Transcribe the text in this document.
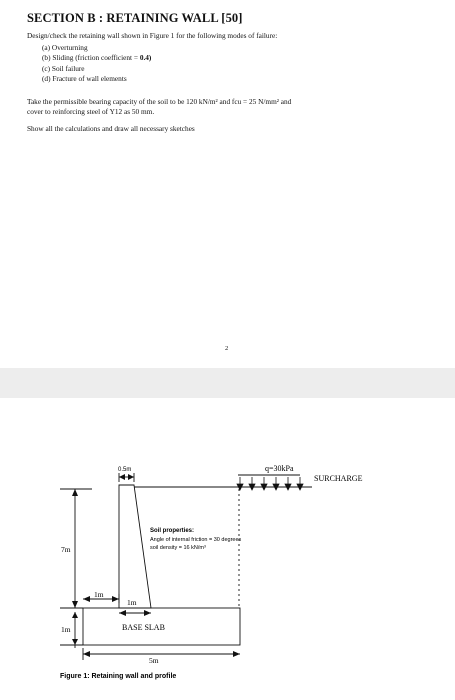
SECTION B : RETAINING WALL [50]
Design/check the retaining wall shown in Figure 1 for the following modes of failure:
(a) Overturning
(b) Sliding (friction coefficient = 0.4)
(c) Soil failure
(d) Fracture of wall elements
Take the permissible bearing capacity of the soil to be 120 kN/m² and fcu = 25 N/mm² and
cover to reinforcing steel of Y12 as 50 mm.
Show all the calculations and draw all necessary sketches
2
0.5m	q=30kPa
SURCHARGE
7m
Soil properties:
Angle of internal friction = 30 degrees
soil density = 16 kN/m³
1m
1m
BASE SLAB
1m
5m
Figure 1: Retaining wall and profile
